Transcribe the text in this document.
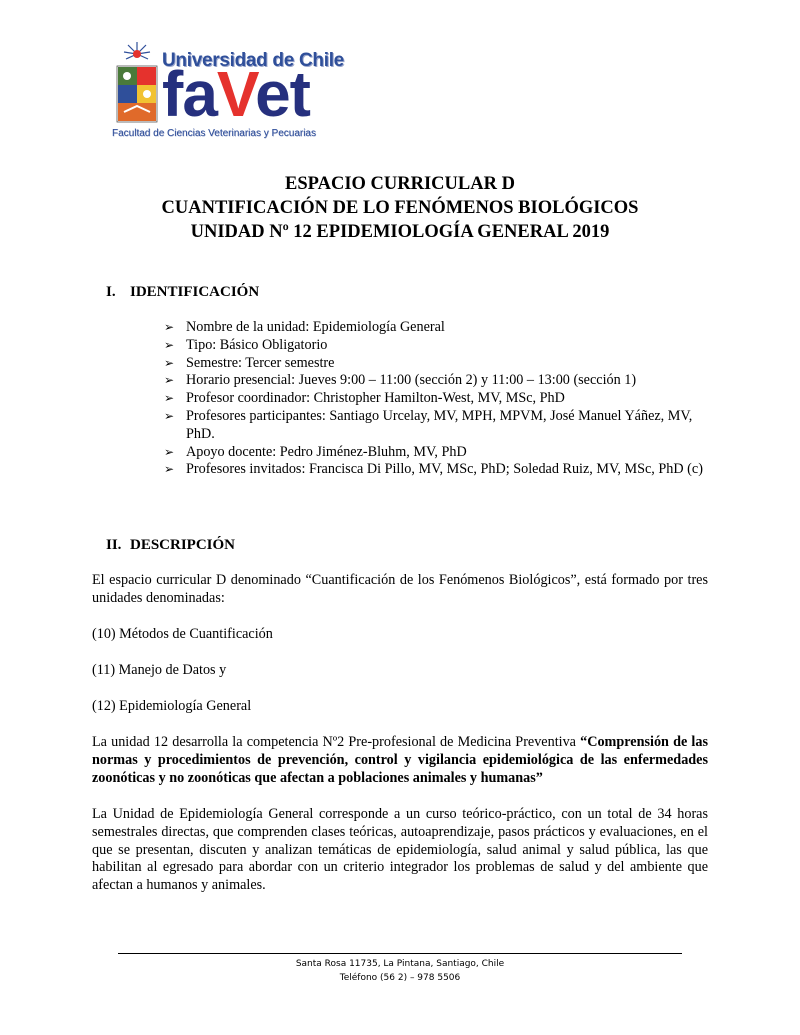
Universidad de Chile
faVet
Facultad de Ciencias Veterinarias y Pecuarias
ESPACIO CURRICULAR D
CUANTIFICACIÓN DE LO FENÓMENOS BIOLÓGICOS
UNIDAD Nº 12 EPIDEMIOLOGÍA GENERAL 2019
I. IDENTIFICACIÓN
➢ Nombre de la unidad: Epidemiología General
➢ Tipo: Básico Obligatorio
➢ Semestre: Tercer semestre
➢ Horario presencial: Jueves 9:00 – 11:00 (sección 2) y 11:00 – 13:00 (sección 1)
➢ Profesor coordinador: Christopher Hamilton-West, MV, MSc, PhD
➢ Profesores participantes: Santiago Urcelay, MV, MPH, MPVM, José Manuel Yáñez, MV, PhD.
➢ Apoyo docente: Pedro Jiménez-Bluhm, MV, PhD
➢ Profesores invitados: Francisca Di Pillo, MV, MSc, PhD; Soledad Ruiz, MV, MSc, PhD (c)
II. DESCRIPCIÓN
El espacio curricular D denominado “Cuantificación de los Fenómenos Biológicos”, está formado por tres unidades denominadas:
(10) Métodos de Cuantificación
(11) Manejo de Datos y
(12) Epidemiología General
La unidad 12 desarrolla la competencia Nº2 Pre-profesional de Medicina Preventiva “Comprensión de las normas y procedimientos de prevención, control y vigilancia epidemiológica de las enfermedades zoonóticas y no zoonóticas que afectan a poblaciones animales y humanas”
La Unidad de Epidemiología General corresponde a un curso teórico-práctico, con un total de 34 horas semestrales directas, que comprenden clases teóricas, autoaprendizaje, pasos prácticos y evaluaciones, en el que se presentan, discuten y analizan temáticas de epidemiología, salud animal y salud pública, las que habilitan al egresado para abordar con un criterio integrador los problemas de salud y del ambiente que afectan a humanos y animales.
Santa Rosa 11735, La Pintana, Santiago, Chile
Teléfono (56 2) – 978 5506
